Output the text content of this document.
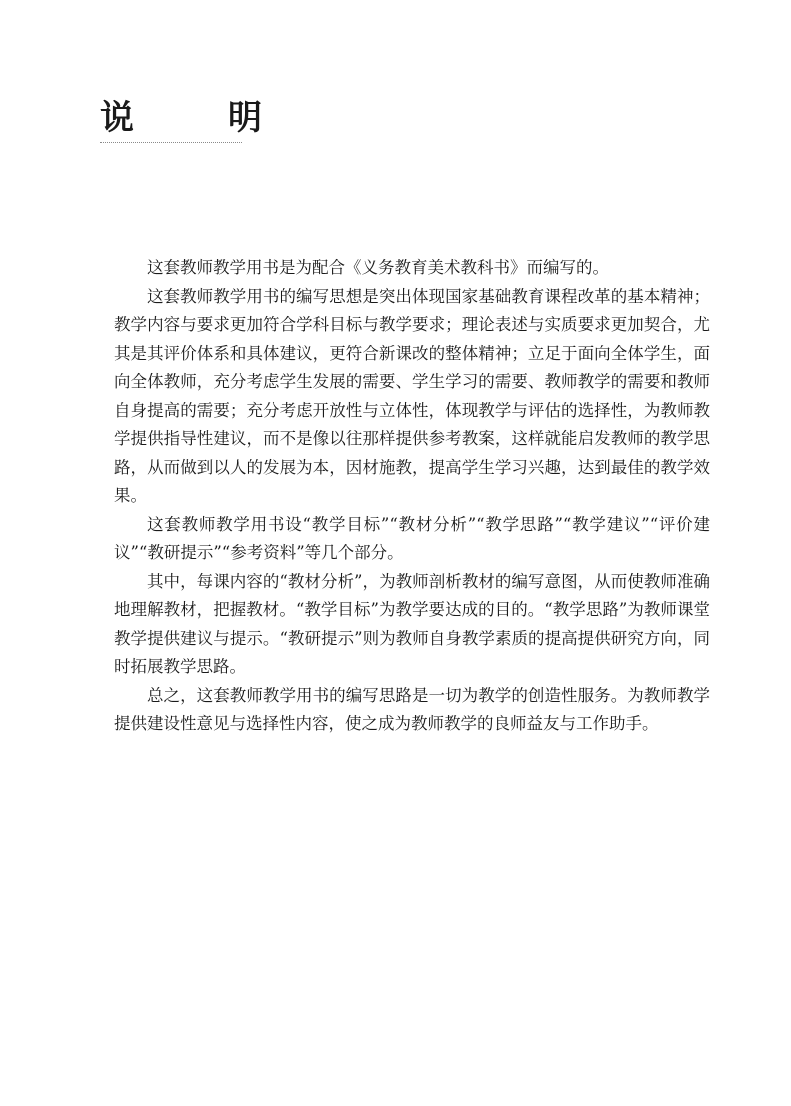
说　明

这套教师教学用书是为配合《义务教育美术教科书》而编写的。

这套教师教学用书的编写思想是突出体现国家基础教育课程改革的基本精神；教学内容与要求更加符合学科目标与教学要求；理论表述与实质要求更加契合，尤其是其评价体系和具体建议，更符合新课改的整体精神；立足于面向全体学生，面向全体教师，充分考虑学生发展的需要、学生学习的需要、教师教学的需要和教师自身提高的需要；充分考虑开放性与立体性，体现教学与评估的选择性，为教师教学提供指导性建议，而不是像以往那样提供参考教案，这样就能启发教师的教学思路，从而做到以人的发展为本，因材施教，提高学生学习兴趣，达到最佳的教学效果。

这套教师教学用书设“教学目标”“教材分析”“教学思路”“教学建议”“评价建议”“教研提示”“参考资料”等几个部分。

其中，每课内容的“教材分析”，为教师剖析教材的编写意图，从而使教师准确地理解教材，把握教材。“教学目标”为教学要达成的目的。“教学思路”为教师课堂教学提供建议与提示。“教研提示”则为教师自身教学素质的提高提供研究方向，同时拓展教学思路。

总之，这套教师教学用书的编写思路是一切为教学的创造性服务。为教师教学提供建设性意见与选择性内容，使之成为教师教学的良师益友与工作助手。
